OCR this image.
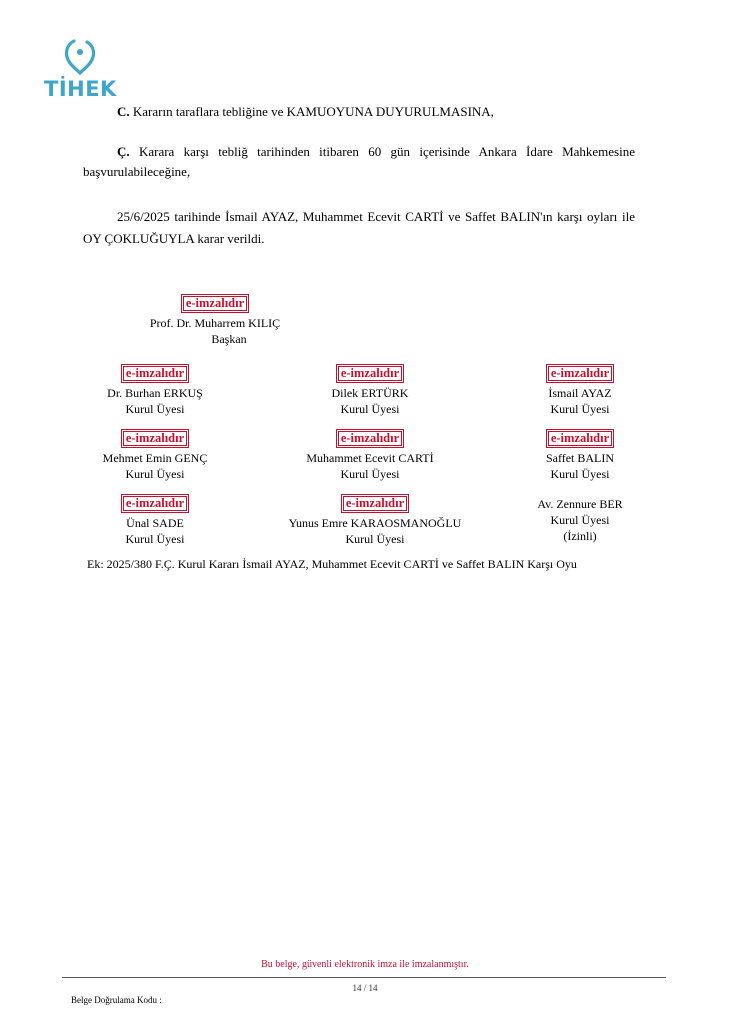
TİHEK
C. Kararın taraflara tebliğine ve KAMUOYUNA DUYURULMASINA,
Ç. Karara karşı tebliğ tarihinden itibaren 60 gün içerisinde Ankara İdare Mahkemesine
başvurulabileceğine,
25/6/2025 tarihinde İsmail AYAZ, Muhammet Ecevit CARTİ ve Saffet BALIN'ın karşı oyları ile
OY ÇOKLUĞUYLA karar verildi.
e-imzalıdır
Prof. Dr. Muharrem KILIÇ
Başkan
e-imzalıdır
Dr. Burhan ERKUŞ
Kurul Üyesi
e-imzalıdır
Dilek ERTÜRK
Kurul Üyesi
e-imzalıdır
İsmail AYAZ
Kurul Üyesi
e-imzalıdır
Mehmet Emin GENÇ
Kurul Üyesi
e-imzalıdır
Muhammet Ecevit CARTİ
Kurul Üyesi
e-imzalıdır
Saffet BALIN
Kurul Üyesi
e-imzalıdır
Ünal SADE
Kurul Üyesi
e-imzalıdır
Yunus Emre KARAOSMANOĞLU
Kurul Üyesi
Av. Zennure BER
Kurul Üyesi
(İzinli)
Ek: 2025/380 F.Ç. Kurul Kararı İsmail AYAZ, Muhammet Ecevit CARTİ ve Saffet BALIN Karşı Oyu
Bu belge, güvenli elektronik imza ile imzalanmıştır.
14 / 14
Belge Doğrulama Kodu :
